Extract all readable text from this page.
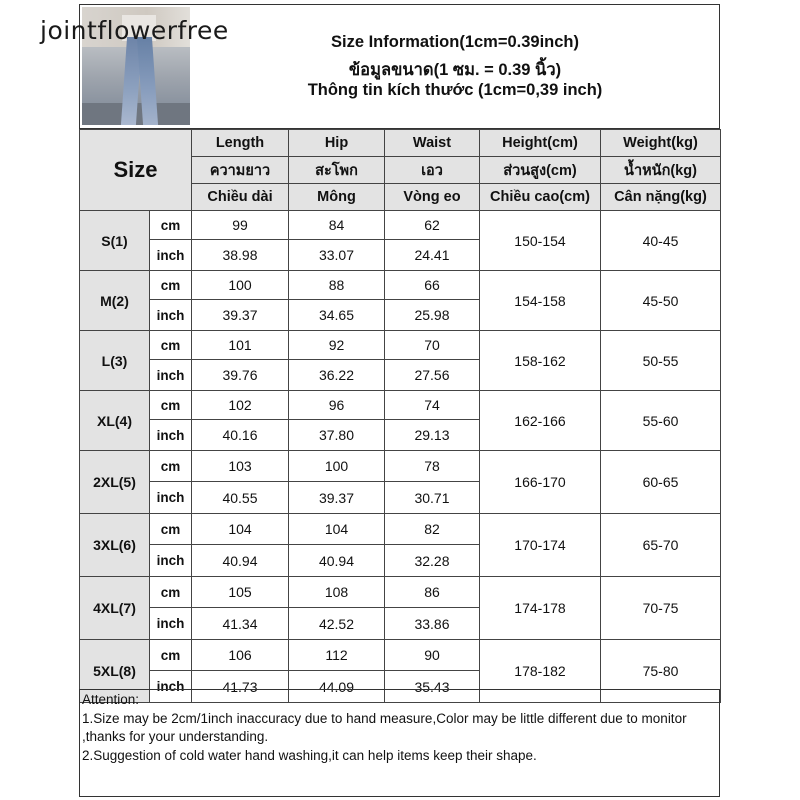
jointflowerfree	Size Information(1cm=0.39inch)
ข้อมูลขนาด(1 ซม. = 0.39 นิ้ว)
Thông tin kích thước (1cm=0,39 inch)
Size		Length	Hip	Waist	Height(cm)	Weight(kg)
		ความยาว	สะโพก	เอว	ส่วนสูง(cm)	น้ำหนัก(kg)
		Chiều dài	Mông	Vòng eo	Chiều cao(cm)	Cân nặng(kg)
S(1)	cm	99	84	62	150-154	40-45
	inch	38.98	33.07	24.41		
M(2)	cm	100	88	66	154-158	45-50
	inch	39.37	34.65	25.98		
L(3)	cm	101	92	70	158-162	50-55
	inch	39.76	36.22	27.56		
XL(4)	cm	102	96	74	162-166	55-60
	inch	40.16	37.80	29.13		
2XL(5)	cm	103	100	78	166-170	60-65
	inch	40.55	39.37	30.71		
3XL(6)	cm	104	104	82	170-174	65-70
	inch	40.94	40.94	32.28		
4XL(7)	cm	105	108	86	174-178	70-75
	inch	41.34	42.52	33.86		
5XL(8)	cm	106	112	90	178-182	75-80
	inch	41.73	44.09	35.43		
Attention:
1.Size may be 2cm/1inch inaccuracy due to hand measure,Color may be little different due to monitor
,thanks for your understanding.
2.Suggestion of cold water hand washing,it can help items keep their shape.
